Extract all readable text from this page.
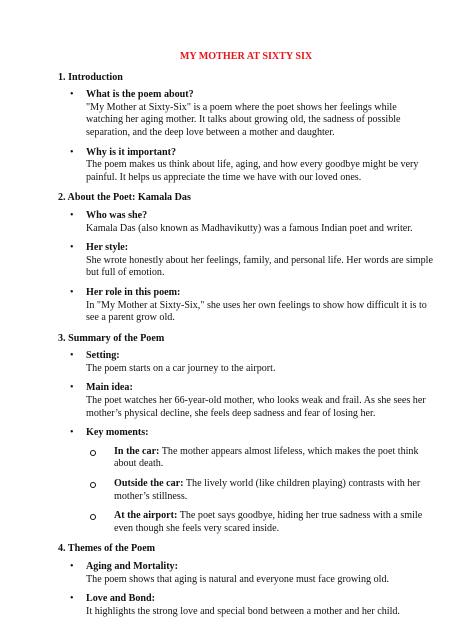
MY MOTHER AT SIXTY SIX
1. Introduction
• What is the poem about?
"My Mother at Sixty-Six" is a poem where the poet shows her feelings while watching her aging mother. It talks about growing old, the sadness of possible separation, and the deep love between a mother and daughter.
• Why is it important?
The poem makes us think about life, aging, and how every goodbye might be very painful. It helps us appreciate the time we have with our loved ones.
2. About the Poet: Kamala Das
• Who was she?
Kamala Das (also known as Madhavikutty) was a famous Indian poet and writer.
• Her style:
She wrote honestly about her feelings, family, and personal life. Her words are simple but full of emotion.
• Her role in this poem:
In "My Mother at Sixty-Six," she uses her own feelings to show how difficult it is to see a parent grow old.
3. Summary of the Poem
• Setting:
The poem starts on a car journey to the airport.
• Main idea:
The poet watches her 66-year-old mother, who looks weak and frail. As she sees her mother’s physical decline, she feels deep sadness and fear of losing her.
• Key moments:
In the car: The mother appears almost lifeless, which makes the poet think about death.
Outside the car: The lively world (like children playing) contrasts with her mother’s stillness.
At the airport: The poet says goodbye, hiding her true sadness with a smile even though she feels very scared inside.
4. Themes of the Poem
• Aging and Mortality:
The poem shows that aging is natural and everyone must face growing old.
• Love and Bond:
It highlights the strong love and special bond between a mother and her child.
